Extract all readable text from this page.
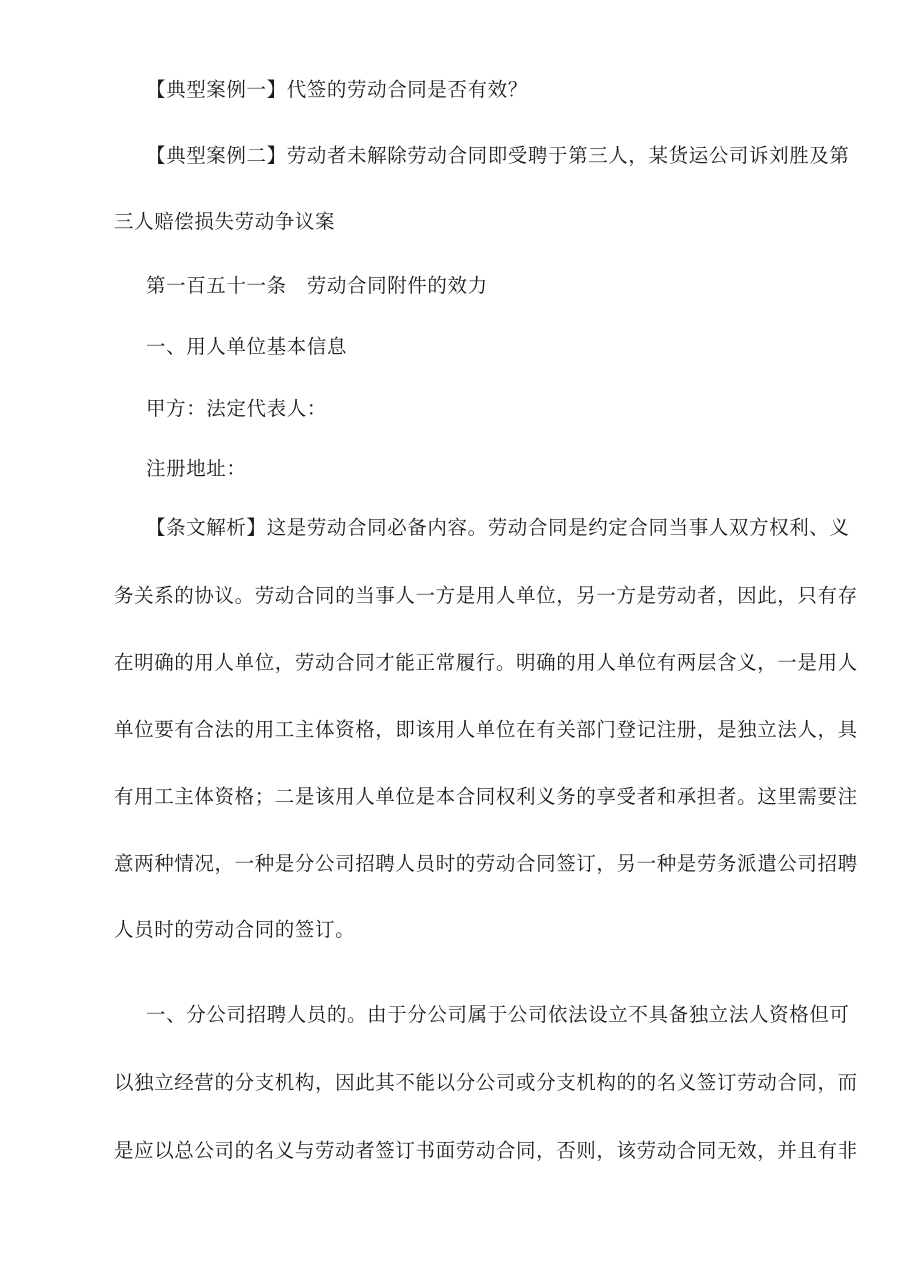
【典型案例一】代签的劳动合同是否有效？
【典型案例二】劳动者未解除劳动合同即受聘于第三人，某货运公司诉刘胜及第
三人赔偿损失劳动争议案
第一百五十一条　劳动合同附件的效力
一、用人单位基本信息
甲方：法定代表人：
注册地址：
【条文解析】这是劳动合同必备内容。劳动合同是约定合同当事人双方权利、义
务关系的协议。劳动合同的当事人一方是用人单位，另一方是劳动者，因此，只有存
在明确的用人单位，劳动合同才能正常履行。明确的用人单位有两层含义，一是用人
单位要有合法的用工主体资格，即该用人单位在有关部门登记注册，是独立法人，具
有用工主体资格；二是该用人单位是本合同权利义务的享受者和承担者。这里需要注
意两种情况，一种是分公司招聘人员时的劳动合同签订，另一种是劳务派遣公司招聘
人员时的劳动合同的签订。
一、分公司招聘人员的。由于分公司属于公司依法设立不具备独立法人资格但可
以独立经营的分支机构，因此其不能以分公司或分支机构的的名义签订劳动合同，而
是应以总公司的名义与劳动者签订书面劳动合同，否则，该劳动合同无效，并且有非
